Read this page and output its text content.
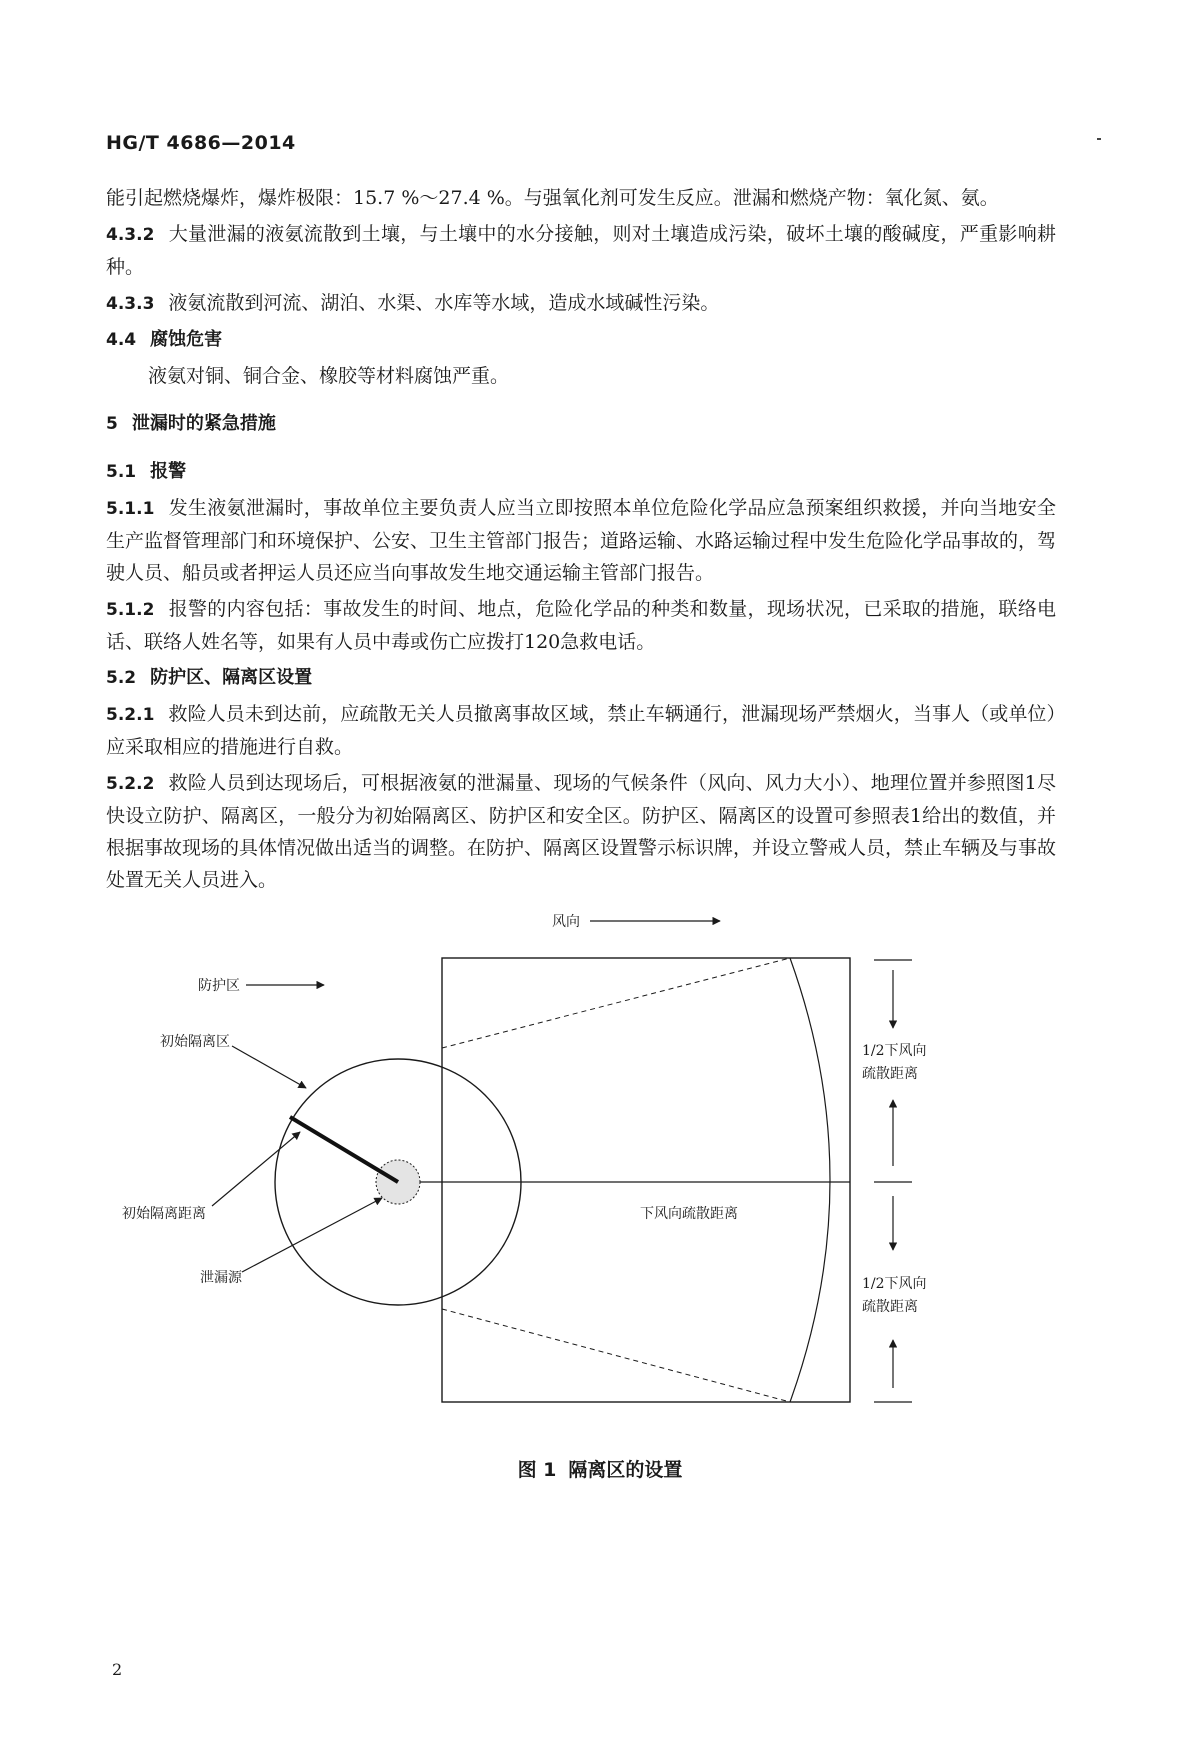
HG/T 4686—2014
能引起燃烧爆炸，爆炸极限：15.7 %～27.4 %。与强氧化剂可发生反应。泄漏和燃烧产物：氧化氮、氨。
4.3.2 大量泄漏的液氨流散到土壤，与土壤中的水分接触，则对土壤造成污染，破坏土壤的酸碱度，严重影响耕种。
4.3.3 液氨流散到河流、湖泊、水渠、水库等水域，造成水域碱性污染。
4.4 腐蚀危害
液氨对铜、铜合金、橡胶等材料腐蚀严重。
5 泄漏时的紧急措施
5.1 报警
5.1.1 发生液氨泄漏时，事故单位主要负责人应当立即按照本单位危险化学品应急预案组织救援，并向当地安全生产监督管理部门和环境保护、公安、卫生主管部门报告；道路运输、水路运输过程中发生危险化学品事故的，驾驶人员、船员或者押运人员还应当向事故发生地交通运输主管部门报告。
5.1.2 报警的内容包括：事故发生的时间、地点，危险化学品的种类和数量，现场状况，已采取的措施，联络电话、联络人姓名等，如果有人员中毒或伤亡应拨打120急救电话。
5.2 防护区、隔离区设置
5.2.1 救险人员未到达前，应疏散无关人员撤离事故区域，禁止车辆通行，泄漏现场严禁烟火，当事人（或单位）应采取相应的措施进行自救。
5.2.2 救险人员到达现场后，可根据液氨的泄漏量、现场的气候条件（风向、风力大小）、地理位置并参照图1尽快设立防护、隔离区，一般分为初始隔离区、防护区和安全区。防护区、隔离区的设置可参照表1给出的数值，并根据事故现场的具体情况做出适当的调整。在防护、隔离区设置警示标识牌，并设立警戒人员，禁止车辆及与事故处置无关人员进入。
风向
防护区
初始隔离区
初始隔离距离
泄漏源
下风向疏散距离
1/2下风向
疏散距离
1/2下风向
疏散距离
图 1 隔离区的设置
2
